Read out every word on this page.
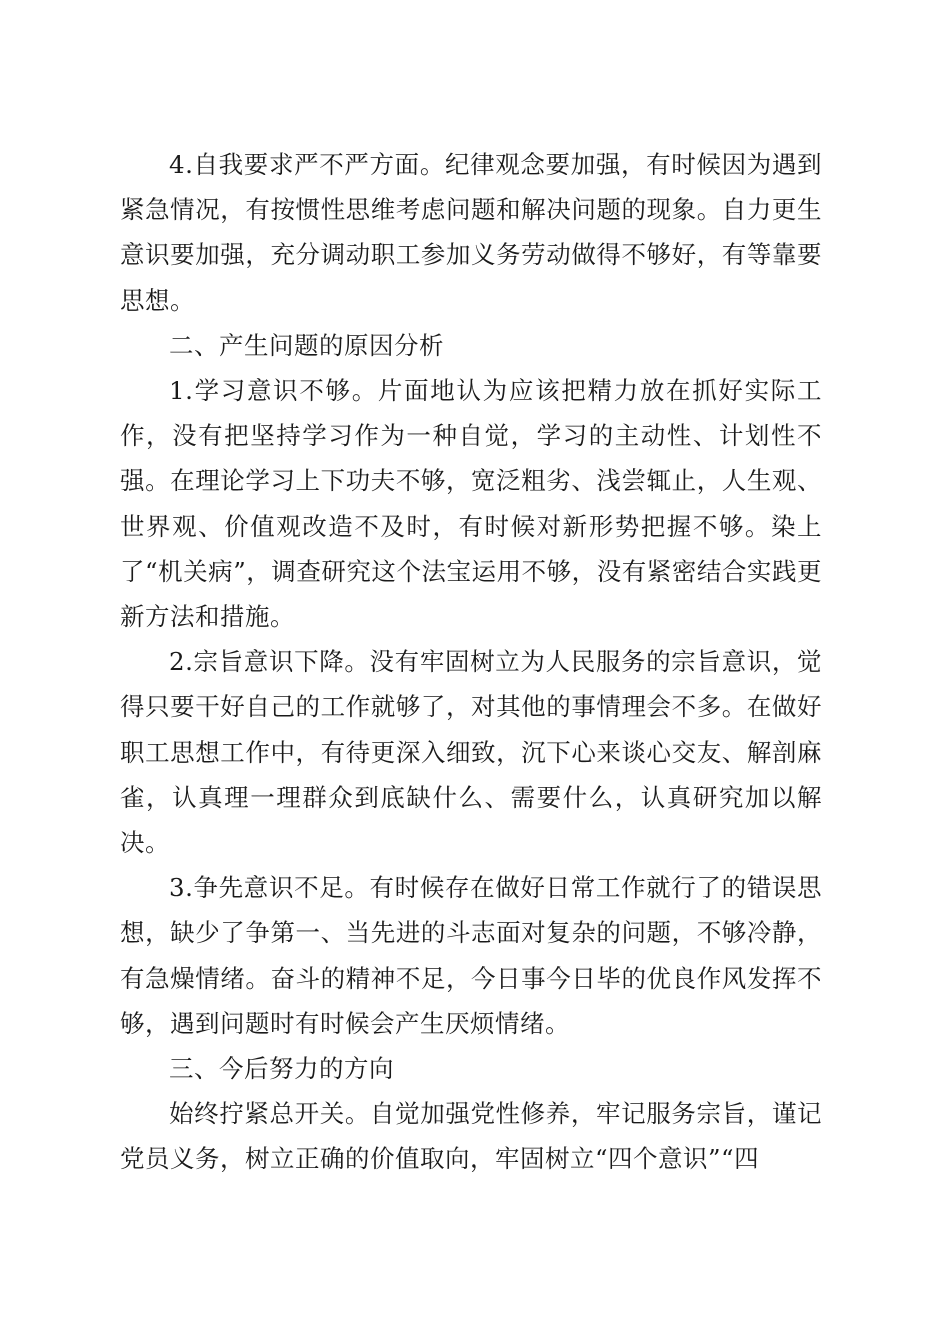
4.自我要求严不严方面。纪律观念要加强，有时候因为遇到紧急情况，有按惯性思维考虑问题和解决问题的现象。自力更生意识要加强，充分调动职工参加义务劳动做得不够好，有等靠要思想。

二、产生问题的原因分析

1.学习意识不够。片面地认为应该把精力放在抓好实际工作，没有把坚持学习作为一种自觉，学习的主动性、计划性不强。在理论学习上下功夫不够，宽泛粗劣、浅尝辄止，人生观、世界观、价值观改造不及时，有时候对新形势把握不够。染上了“机关病”，调查研究这个法宝运用不够，没有紧密结合实践更新方法和措施。

2.宗旨意识下降。没有牢固树立为人民服务的宗旨意识，觉得只要干好自己的工作就够了，对其他的事情理会不多。在做好职工思想工作中，有待更深入细致，沉下心来谈心交友、解剖麻雀，认真理一理群众到底缺什么、需要什么，认真研究加以解决。

3.争先意识不足。有时候存在做好日常工作就行了的错误思想，缺少了争第一、当先进的斗志面对复杂的问题，不够冷静，有急燥情绪。奋斗的精神不足，今日事今日毕的优良作风发挥不够，遇到问题时有时候会产生厌烦情绪。

三、今后努力的方向

始终拧紧总开关。自觉加强党性修养，牢记服务宗旨，谨记党员义务，树立正确的价值取向，牢固树立“四个意识”“四
